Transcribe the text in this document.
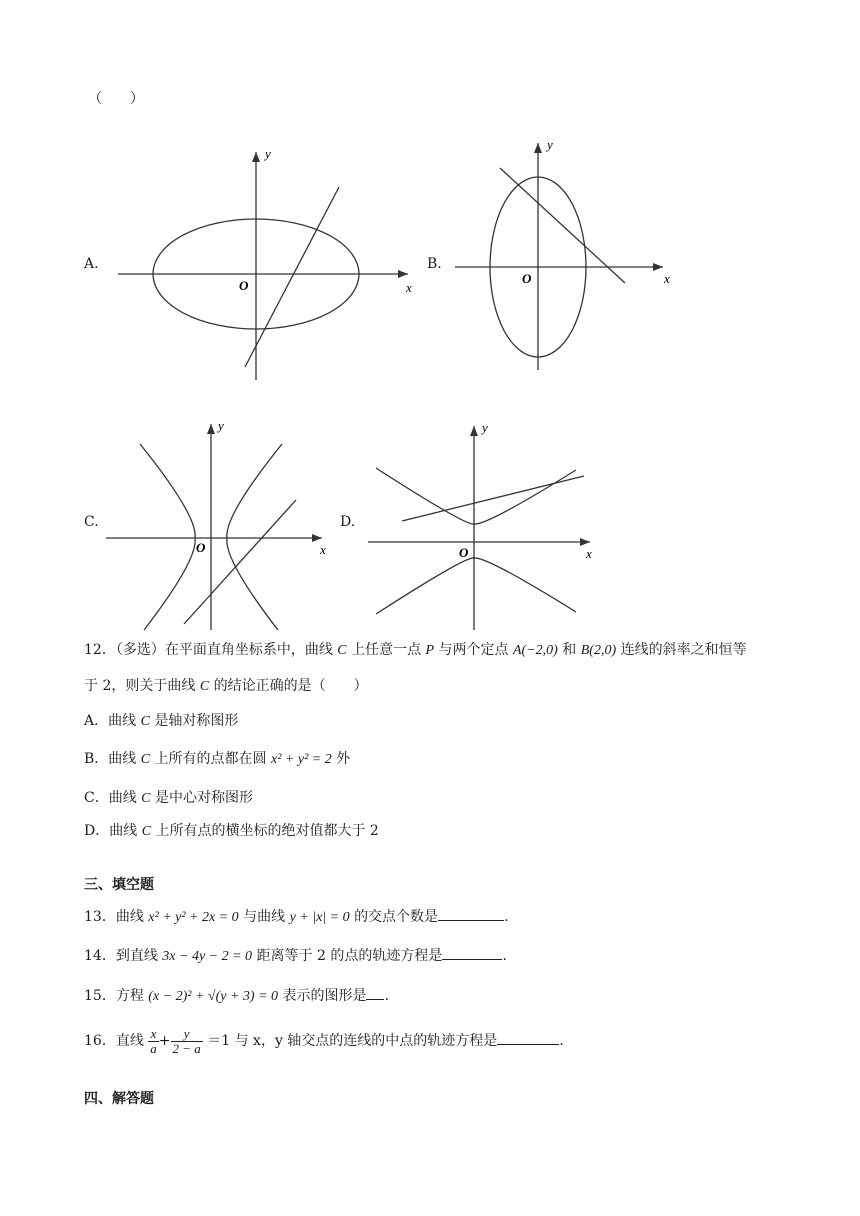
（　　）
A.
y
x
O
B.
y
x
O
C.
y
x
O
D.
y
x
O
12．（多选）在平面直角坐标系中，曲线 C 上任意一点 P 与两个定点 A(−2,0) 和 B(2,0) 连线的斜率之和恒等
于 2，则关于曲线 C 的结论正确的是（　　）
A．曲线 C 是轴对称图形
B．曲线 C 上所有的点都在圆 x² + y² = 2 外
C．曲线 C 是中心对称图形
D．曲线 C 上所有点的横坐标的绝对值都大于 2
三、填空题
13．曲线 x² + y² + 2x = 0 与曲线 y + |x| = 0 的交点个数是	.
14．到直线 3x − 4y − 2 = 0 距离等于 2 的点的轨迹方程是	.
15．方程 (x − 2)² + √(y + 3) = 0 表示的图形是 .
16．直线 $\frac{x}{a} + \frac{y}{2 - a} =1$ 与 x，y 轴交点的连线的中点的轨迹方程是	.
四、解答题
